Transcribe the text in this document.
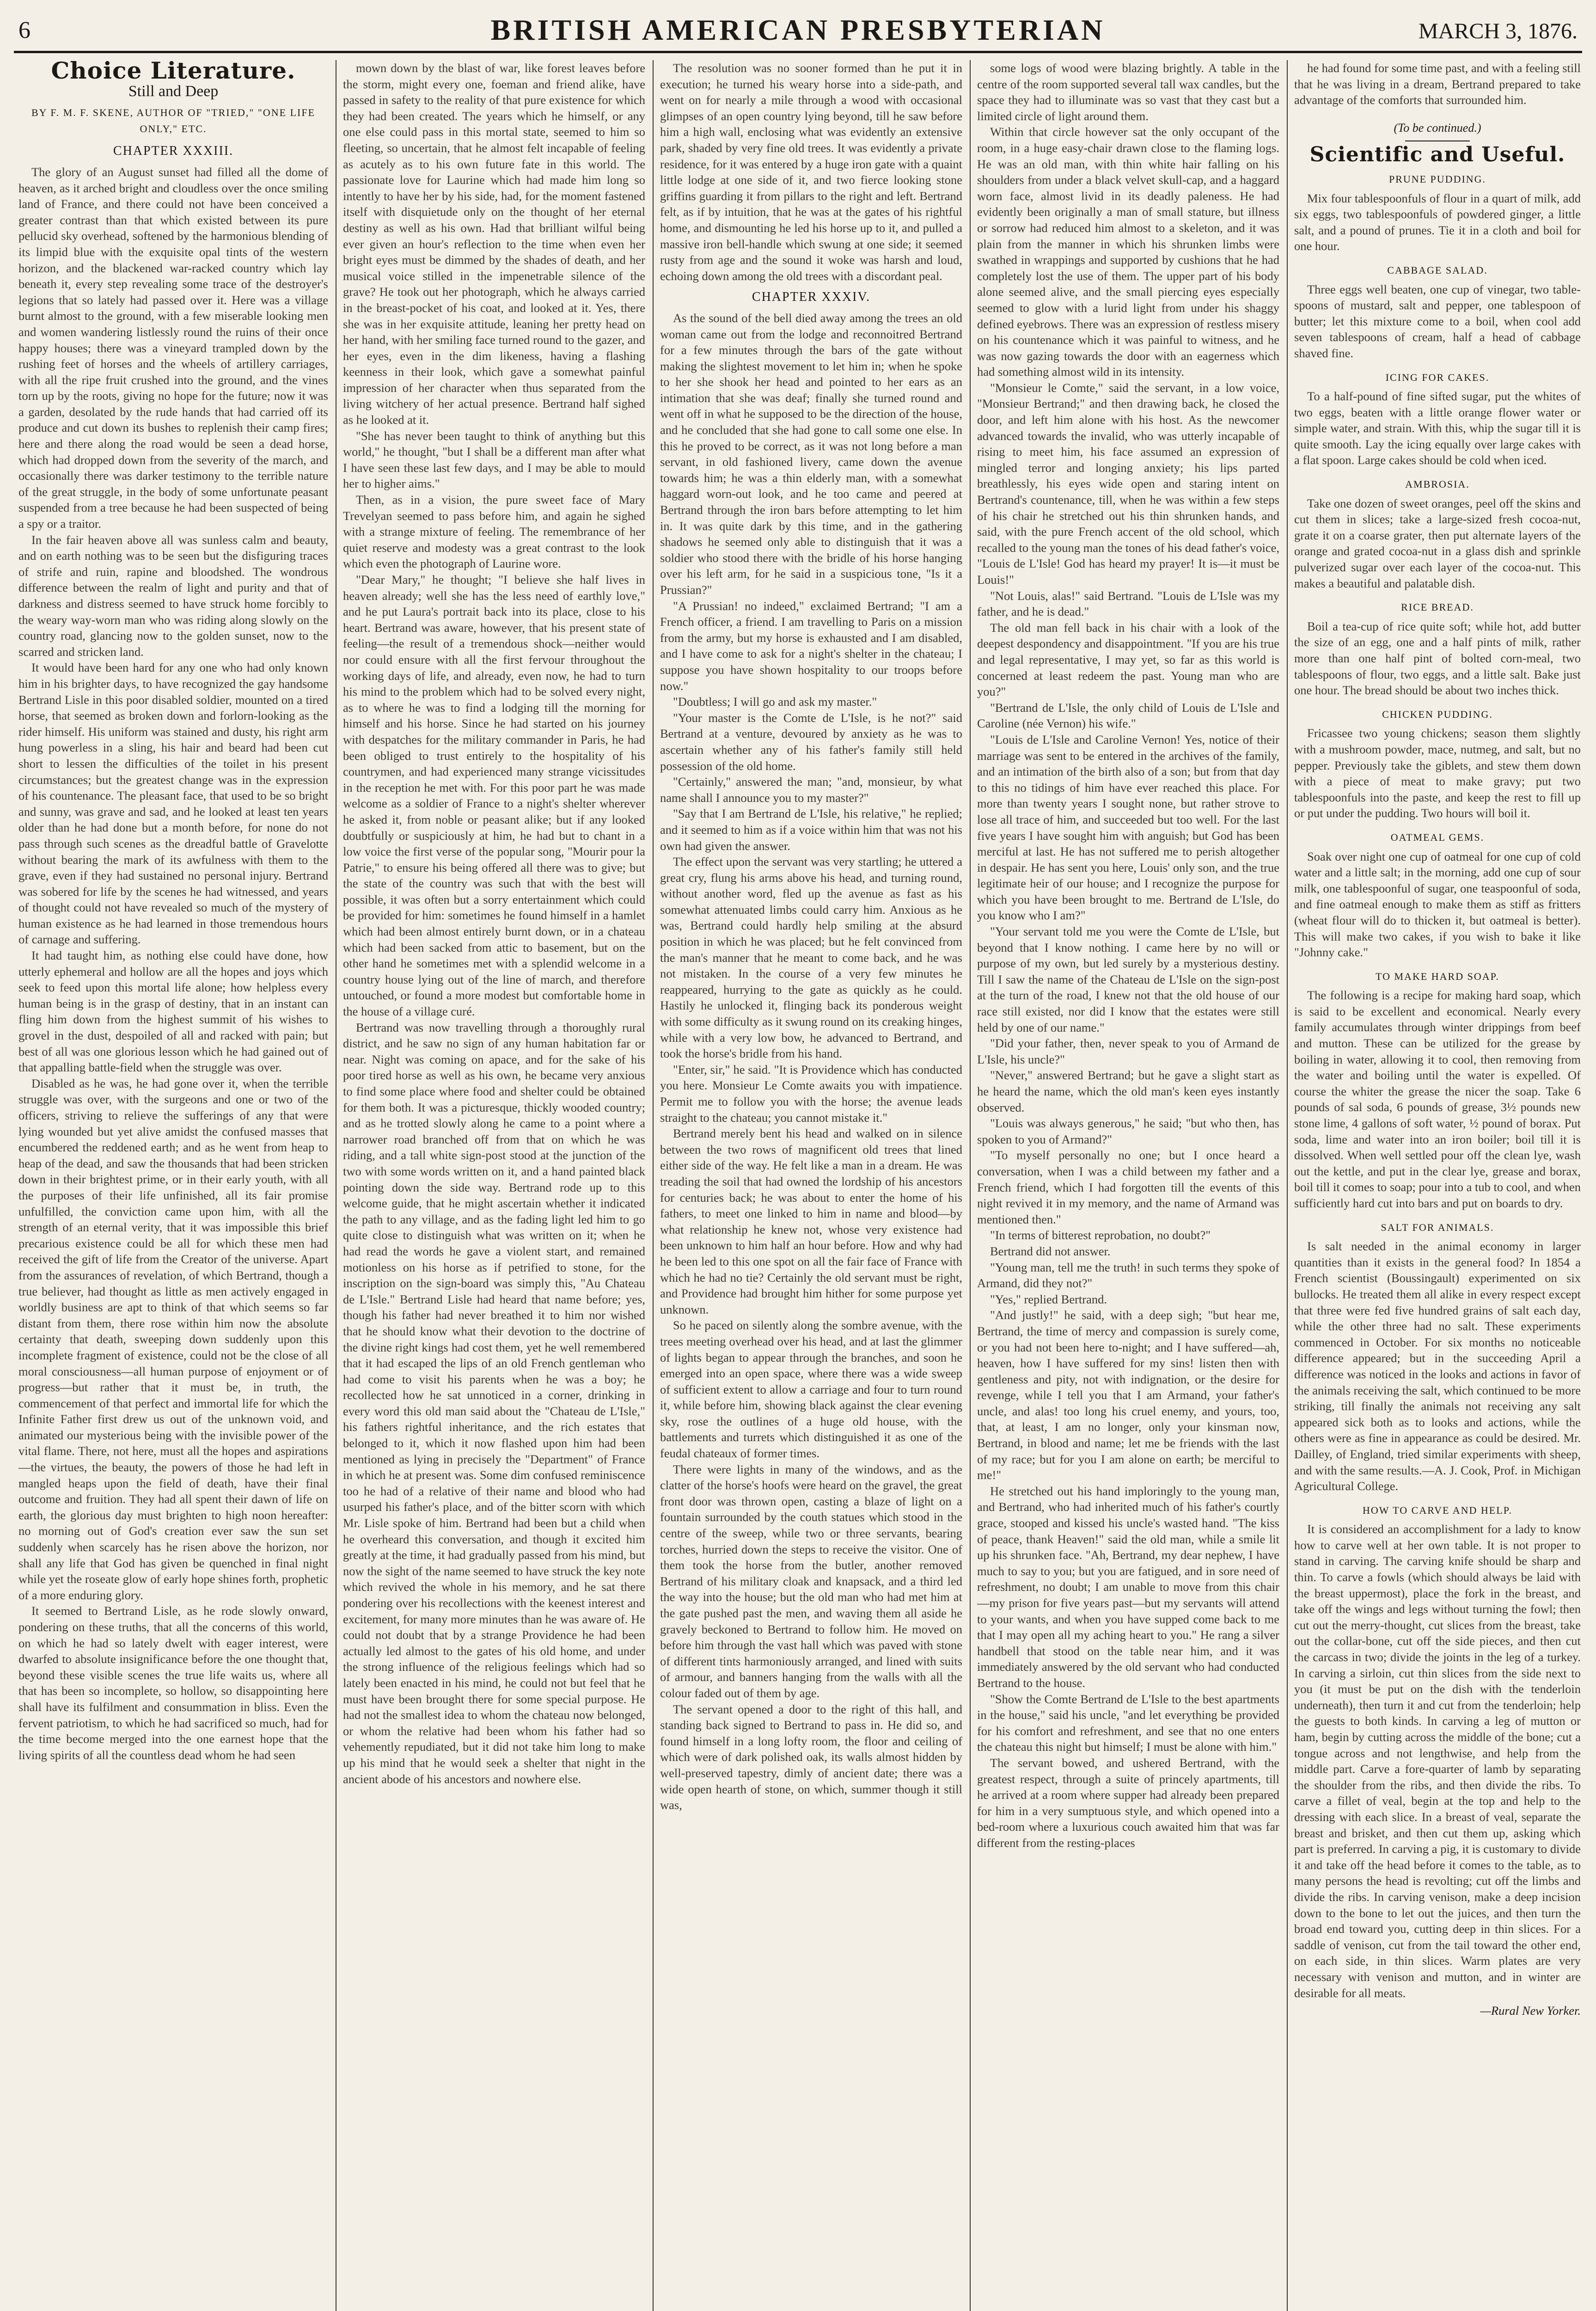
6	BRITISH AMERICAN PRESBYTERIAN	MARCH 3, 1876.
Choice Literature.
Still and Deep
BY F. M. F. SKENE, AUTHOR OF "TRIED," "ONE LIFE ONLY," ETC.
CHAPTER XXXIII.

The glory of an August sunset had filled all the dome of heaven, as it arched bright and cloudless over the once smiling land of France, and there could not have been conceived a greater contrast than that which existed between its pure pellucid sky overhead, softened by the harmonious blending of its limpid blue with the exquisite opal tints of the western horizon, and the blackened war-racked country which lay beneath it, every step revealing some trace of the destroyer's legions that so lately had passed over it. Here was a village burnt almost to the ground, with a few miserable looking men and women wandering listlessly round the ruins of their once happy houses; there was a vineyard trampled down by the rushing feet of horses and the wheels of artillery carriages, with all the ripe fruit crushed into the ground, and the vines torn up by the roots, giving no hope for the future; now it was a garden, desolated by the rude hands that had carried off its produce and cut down its bushes to replenish their camp fires; here and there along the road would be seen a dead horse, which had dropped down from the severity of the march, and occasionally there was darker testimony to the terrible nature of the great struggle, in the body of some unfortunate peasant suspended from a tree because he had been suspected of being a spy or a traitor.

In the fair heaven above all was sunless calm and beauty, and on earth nothing was to be seen but the disfiguring traces of strife and ruin, rapine and bloodshed. The wondrous difference between the realm of light and purity and that of darkness and distress seemed to have struck home forcibly to the weary way-worn man who was riding along slowly on the country road, glancing now to the golden sunset, now to the scarred and stricken land.

It would have been hard for any one who had only known him in his brighter days, to have recognized the gay handsome Bertrand Lisle in this poor disabled soldier, mounted on a tired horse, that seemed as broken down and forlorn-looking as the rider himself. His uniform was stained and dusty, his right arm hung powerless in a sling, his hair and beard had been cut short to lessen the difficulties of the toilet in his present circumstances; but the greatest change was in the expression of his countenance. The pleasant face, that used to be so bright and sunny, was grave and sad, and he looked at least ten years older than he had done but a month before, for none do not pass through such scenes as the dreadful battle of Gravelotte without bearing the mark of its awfulness with them to the grave, even if they had sustained no personal injury. Bertrand was sobered for life by the scenes he had witnessed, and years of thought could not have revealed so much of the mystery of human existence as he had learned in those tremendous hours of carnage and suffering.

It had taught him, as nothing else could have done, how utterly ephemeral and hollow are all the hopes and joys which seek to feed upon this mortal life alone; how helpless every human being is in the grasp of destiny, that in an instant can fling him down from the highest summit of his wishes to grovel in the dust, despoiled of all and racked with pain; but best of all was one glorious lesson which he had gained out of that appalling battle-field when the struggle was over.

Disabled as he was, he had gone over it, when the terrible struggle was over, with the surgeons and one or two of the officers, striving to relieve the sufferings of any that were lying wounded but yet alive amidst the confused masses that encumbered the reddened earth; and as he went from heap to heap of the dead, and saw the thousands that had been stricken down in their brightest prime, or in their early youth, with all the purposes of their life unfinished, all its fair promise unfulfilled, the conviction came upon him, with all the strength of an eternal verity, that it was impossible this brief precarious existence could be all for which these men had received the gift of life from the Creator of the universe. Apart from the assurances of revelation, of which Bertrand, though a true believer, had thought as little as men actively engaged in worldly business are apt to think of that which seems so far distant from them, there rose within him now the absolute certainty that death, sweeping down suddenly upon this incomplete fragment of existence, could not be the close of all moral consciousness—all human purpose of enjoyment or of progress—but rather that it must be, in truth, the commencement of that perfect and immortal life for which the Infinite Father first drew us out of the unknown void, and animated our mysterious being with the invisible power of the vital flame. There, not here, must all the hopes and aspirations—the virtues, the beauty, the powers of those he had left in mangled heaps upon the field of death, have their final outcome and fruition. They had all spent their dawn of life on earth, the glorious day must brighten to high noon hereafter: no morning out of God's creation ever saw the sun set suddenly when scarcely has he risen above the horizon, nor shall any life that God has given be quenched in final night while yet the roseate glow of early hope shines forth, prophetic of a more enduring glory.

It seemed to Bertrand Lisle, as he rode slowly onward, pondering on these truths, that all the concerns of this world, on which he had so lately dwelt with eager interest, were dwarfed to absolute insignificance before the one thought that, beyond these visible scenes the true life waits us, where all that has been so incomplete, so hollow, so disappointing here shall have its fulfilment and consummation in bliss. Even the fervent patriotism, to which he had sacrificed so much, had for the time become merged into the one earnest hope that the living spirits of all the countless dead whom he had seen

mown down by the blast of war, like forest leaves before the storm, might every one, foeman and friend alike, have passed in safety to the reality of that pure existence for which they had been created. The years which he himself, or any one else could pass in this mortal state, seemed to him so fleeting, so uncertain, that he almost felt incapable of feeling as acutely as to his own future fate in this world. The passionate love for Laurine which had made him long so intently to have her by his side, had, for the moment fastened itself with disquietude only on the thought of her eternal destiny as well as his own. Had that brilliant wilful being ever given an hour's reflection to the time when even her bright eyes must be dimmed by the shades of death, and her musical voice stilled in the impenetrable silence of the grave? He took out her photograph, which he always carried in the breast-pocket of his coat, and looked at it. Yes, there she was in her exquisite attitude, leaning her pretty head on her hand, with her smiling face turned round to the gazer, and her eyes, even in the dim likeness, having a flashing keenness in their look, which gave a somewhat painful impression of her character when thus separated from the living witchery of her actual presence. Bertrand half sighed as he looked at it.

"She has never been taught to think of anything but this world," he thought, "but I shall be a different man after what I have seen these last few days, and I may be able to mould her to higher aims."

Then, as in a vision, the pure sweet face of Mary Trevelyan seemed to pass before him, and again he sighed with a strange mixture of feeling. The remembrance of her quiet reserve and modesty was a great contrast to the look which even the photograph of Laurine wore.

"Dear Mary," he thought; "I believe she half lives in heaven already; well she has the less need of earthly love," and he put Laura's portrait back into its place, close to his heart. Bertrand was aware, however, that his present state of feeling—the result of a tremendous shock—neither would nor could ensure with all the first fervour throughout the working days of life, and already, even now, he had to turn his mind to the problem which had to be solved every night, as to where he was to find a lodging till the morning for himself and his horse. Since he had started on his journey with despatches for the military commander in Paris, he had been obliged to trust entirely to the hospitality of his countrymen, and had experienced many strange vicissitudes in the reception he met with. For this poor part he was made welcome as a soldier of France to a night's shelter wherever he asked it, from noble or peasant alike; but if any looked doubtfully or suspiciously at him, he had but to chant in a low voice the first verse of the popular song, "Mourir pour la Patrie," to ensure his being offered all there was to give; but the state of the country was such that with the best will possible, it was often but a sorry entertainment which could be provided for him: sometimes he found himself in a hamlet which had been almost entirely burnt down, or in a chateau which had been sacked from attic to basement, but on the other hand he sometimes met with a splendid welcome in a country house lying out of the line of march, and therefore untouched, or found a more modest but comfortable home in the house of a village curé.

Bertrand was now travelling through a thoroughly rural district, and he saw no sign of any human habitation far or near. Night was coming on apace, and for the sake of his poor tired horse as well as his own, he became very anxious to find some place where food and shelter could be obtained for them both. It was a picturesque, thickly wooded country; and as he trotted slowly along he came to a point where a narrower road branched off from that on which he was riding, and a tall white sign-post stood at the junction of the two with some words written on it, and a hand painted black pointing down the side way. Bertrand rode up to this welcome guide, that he might ascertain whether it indicated the path to any village, and as the fading light led him to go quite close to distinguish what was written on it; when he had read the words he gave a violent start, and remained motionless on his horse as if petrified to stone, for the inscription on the sign-board was simply this, "Au Chateau de L'Isle." Bertrand Lisle had heard that name before; yes, though his father had never breathed it to him nor wished that he should know what their devotion to the doctrine of the divine right kings had cost them, yet he well remembered that it had escaped the lips of an old French gentleman who had come to visit his parents when he was a boy; he recollected how he sat unnoticed in a corner, drinking in every word this old man said about the "Chateau de L'Isle," his fathers rightful inheritance, and the rich estates that belonged to it, which it now flashed upon him had been mentioned as lying in precisely the "Department" of France in which he at present was. Some dim confused reminiscence too he had of a relative of their name and blood who had usurped his father's place, and of the bitter scorn with which Mr. Lisle spoke of him. Bertrand had been but a child when he overheard this conversation, and though it excited him greatly at the time, it had gradually passed from his mind, but now the sight of the name seemed to have struck the key note which revived the whole in his memory, and he sat there pondering over his recollections with the keenest interest and excitement, for many more minutes than he was aware of. He could not doubt that by a strange Providence he had been actually led almost to the gates of his old home, and under the strong influence of the religious feelings which had so lately been enacted in his mind, he could not but feel that he must have been brought there for some special purpose. He had not the smallest idea to whom the chateau now belonged, or whom the relative had been whom his father had so vehemently repudiated, but it did not take him long to make up his mind that he would seek a shelter that night in the ancient abode of his ancestors and nowhere else.

The resolution was no sooner formed than he put it in execution; he turned his weary horse into a side-path, and went on for nearly a mile through a wood with occasional glimpses of an open country lying beyond, till he saw before him a high wall, enclosing what was evidently an extensive park, shaded by very fine old trees. It was evidently a private residence, for it was entered by a huge iron gate with a quaint little lodge at one side of it, and two fierce looking stone griffins guarding it from pillars to the right and left. Bertrand felt, as if by intuition, that he was at the gates of his rightful home, and dismounting he led his horse up to it, and pulled a massive iron bell-handle which swung at one side; it seemed rusty from age and the sound it woke was harsh and loud, echoing down among the old trees with a discordant peal.

CHAPTER XXXIV.

As the sound of the bell died away among the trees an old woman came out from the lodge and reconnoitred Bertrand for a few minutes through the bars of the gate without making the slightest movement to let him in; when he spoke to her she shook her head and pointed to her ears as an intimation that she was deaf; finally she turned round and went off in what he supposed to be the direction of the house, and he concluded that she had gone to call some one else. In this he proved to be correct, as it was not long before a man servant, in old fashioned livery, came down the avenue towards him; he was a thin elderly man, with a somewhat haggard worn-out look, and he too came and peered at Bertrand through the iron bars before attempting to let him in. It was quite dark by this time, and in the gathering shadows he seemed only able to distinguish that it was a soldier who stood there with the bridle of his horse hanging over his left arm, for he said in a suspicious tone, "Is it a Prussian?"

"A Prussian! no indeed," exclaimed Bertrand; "I am a French officer, a friend. I am travelling to Paris on a mission from the army, but my horse is exhausted and I am disabled, and I have come to ask for a night's shelter in the chateau; I suppose you have shown hospitality to our troops before now."

"Doubtless; I will go and ask my master."

"Your master is the Comte de L'Isle, is he not?" said Bertrand at a venture, devoured by anxiety as he was to ascertain whether any of his father's family still held possession of the old home.

"Certainly," answered the man; "and, monsieur, by what name shall I announce you to my master?"

"Say that I am Bertrand de L'Isle, his relative," he replied; and it seemed to him as if a voice within him that was not his own had given the answer.

The effect upon the servant was very startling; he uttered a great cry, flung his arms above his head, and turning round, without another word, fled up the avenue as fast as his somewhat attenuated limbs could carry him. Anxious as he was, Bertrand could hardly help smiling at the absurd position in which he was placed; but he felt convinced from the man's manner that he meant to come back, and he was not mistaken. In the course of a very few minutes he reappeared, hurrying to the gate as quickly as he could. Hastily he unlocked it, flinging back its ponderous weight with some difficulty as it swung round on its creaking hinges, while with a very low bow, he advanced to Bertrand, and took the horse's bridle from his hand.

"Enter, sir," he said. "It is Providence which has conducted you here. Monsieur Le Comte awaits you with impatience. Permit me to follow you with the horse; the avenue leads straight to the chateau; you cannot mistake it."

Bertrand merely bent his head and walked on in silence between the two rows of magnificent old trees that lined either side of the way. He felt like a man in a dream. He was treading the soil that had owned the lordship of his ancestors for centuries back; he was about to enter the home of his fathers, to meet one linked to him in name and blood—by what relationship he knew not, whose very existence had been unknown to him half an hour before. How and why had he been led to this one spot on all the fair face of France with which he had no tie? Certainly the old servant must be right, and Providence had brought him hither for some purpose yet unknown.

So he paced on silently along the sombre avenue, with the trees meeting overhead over his head, and at last the glimmer of lights began to appear through the branches, and soon he emerged into an open space, where there was a wide sweep of sufficient extent to allow a carriage and four to turn round it, while before him, showing black against the clear evening sky, rose the outlines of a huge old house, with the battlements and turrets which distinguished it as one of the feudal chateaux of former times.

There were lights in many of the windows, and as the clatter of the horse's hoofs were heard on the gravel, the great front door was thrown open, casting a blaze of light on a fountain surrounded by the couth statues which stood in the centre of the sweep, while two or three servants, bearing torches, hurried down the steps to receive the visitor. One of them took the horse from the butler, another removed Bertrand of his military cloak and knapsack, and a third led the way into the house; but the old man who had met him at the gate pushed past the men, and waving them all aside he gravely beckoned to Bertrand to follow him. He moved on before him through the vast hall which was paved with stone of different tints harmoniously arranged, and lined with suits of armour, and banners hanging from the walls with all the colour faded out of them by age.

The servant opened a door to the right of this hall, and standing back signed to Bertrand to pass in. He did so, and found himself in a long lofty room, the floor and ceiling of which were of dark polished oak, its walls almost hidden by well-preserved tapestry, dimly of ancient date; there was a wide open hearth of stone, on which, summer though it still was,

some logs of wood were blazing brightly. A table in the centre of the room supported several tall wax candles, but the space they had to illuminate was so vast that they cast but a limited circle of light around them.

Within that circle however sat the only occupant of the room, in a huge easy-chair drawn close to the flaming logs. He was an old man, with thin white hair falling on his shoulders from under a black velvet skull-cap, and a haggard worn face, almost livid in its deadly paleness. He had evidently been originally a man of small stature, but illness or sorrow had reduced him almost to a skeleton, and it was plain from the manner in which his shrunken limbs were swathed in wrappings and supported by cushions that he had completely lost the use of them. The upper part of his body alone seemed alive, and the small piercing eyes especially seemed to glow with a lurid light from under his shaggy defined eyebrows. There was an expression of restless misery on his countenance which it was painful to witness, and he was now gazing towards the door with an eagerness which had something almost wild in its intensity.

"Monsieur le Comte," said the servant, in a low voice, "Monsieur Bertrand;" and then drawing back, he closed the door, and left him alone with his host. As the newcomer advanced towards the invalid, who was utterly incapable of rising to meet him, his face assumed an expression of mingled terror and longing anxiety; his lips parted breathlessly, his eyes wide open and staring intent on Bertrand's countenance, till, when he was within a few steps of his chair he stretched out his thin shrunken hands, and said, with the pure French accent of the old school, which recalled to the young man the tones of his dead father's voice, "Louis de L'Isle! God has heard my prayer! It is—it must be Louis!"

"Not Louis, alas!" said Bertrand. "Louis de L'Isle was my father, and he is dead."

The old man fell back in his chair with a look of the deepest despondency and disappointment. "If you are his true and legal representative, I may yet, so far as this world is concerned at least redeem the past. Young man who are you?"

"Bertrand de L'Isle, the only child of Louis de L'Isle and Caroline (née Vernon) his wife."

"Louis de L'Isle and Caroline Vernon! Yes, notice of their marriage was sent to be entered in the archives of the family, and an intimation of the birth also of a son; but from that day to this no tidings of him have ever reached this place. For more than twenty years I sought none, but rather strove to lose all trace of him, and succeeded but too well. For the last five years I have sought him with anguish; but God has been merciful at last. He has not suffered me to perish altogether in despair. He has sent you here, Louis' only son, and the true legitimate heir of our house; and I recognize the purpose for which you have been brought to me. Bertrand de L'Isle, do you know who I am?"

"Your servant told me you were the Comte de L'Isle, but beyond that I know nothing. I came here by no will or purpose of my own, but led surely by a mysterious destiny. Till I saw the name of the Chateau de L'Isle on the sign-post at the turn of the road, I knew not that the old house of our race still existed, nor did I know that the estates were still held by one of our name."

"Did your father, then, never speak to you of Armand de L'Isle, his uncle?"

"Never," answered Bertrand; but he gave a slight start as he heard the name, which the old man's keen eyes instantly observed.

"Louis was always generous," he said; "but who then, has spoken to you of Armand?"

"To myself personally no one; but I once heard a conversation, when I was a child between my father and a French friend, which I had forgotten till the events of this night revived it in my memory, and the name of Armand was mentioned then."

"In terms of bitterest reprobation, no doubt?"

Bertrand did not answer.

"Young man, tell me the truth! in such terms they spoke of Armand, did they not?"

"Yes," replied Bertrand.

"And justly!" he said, with a deep sigh; "but hear me, Bertrand, the time of mercy and compassion is surely come, or you had not been here to-night; and I have suffered—ah, heaven, how I have suffered for my sins! listen then with gentleness and pity, not with indignation, or the desire for revenge, while I tell you that I am Armand, your father's uncle, and alas! too long his cruel enemy, and yours, too, that, at least, I am no longer, only your kinsman now, Bertrand, in blood and name; let me be friends with the last of my race; but for you I am alone on earth; be merciful to me!"

He stretched out his hand imploringly to the young man, and Bertrand, who had inherited much of his father's courtly grace, stooped and kissed his uncle's wasted hand. "The kiss of peace, thank Heaven!" said the old man, while a smile lit up his shrunken face. "Ah, Bertrand, my dear nephew, I have much to say to you; but you are fatigued, and in sore need of refreshment, no doubt; I am unable to move from this chair—my prison for five years past—but my servants will attend to your wants, and when you have supped come back to me that I may open all my aching heart to you." He rang a silver handbell that stood on the table near him, and it was immediately answered by the old servant who had conducted Bertrand to the house.

"Show the Comte Bertrand de L'Isle to the best apartments in the house," said his uncle, "and let everything be provided for his comfort and refreshment, and see that no one enters the chateau this night but himself; I must be alone with him."

The servant bowed, and ushered Bertrand, with the greatest respect, through a suite of princely apartments, till he arrived at a room where supper had already been prepared for him in a very sumptuous style, and which opened into a bed-room where a luxurious couch awaited him that was far different from the resting-places

he had found for some time past, and with a feeling still that he was living in a dream, Bertrand prepared to take advantage of the comforts that surrounded him.

(To be continued.)
Scientific and Useful.
PRUNE PUDDING.

Mix four tablespoonfuls of flour in a quart of milk, add six eggs, two tablespoonfuls of powdered ginger, a little salt, and a pound of prunes. Tie it in a cloth and boil for one hour.

CABBAGE SALAD.

Three eggs well beaten, one cup of vinegar, two table-spoons of mustard, salt and pepper, one tablespoon of butter; let this mixture come to a boil, when cool add seven tablespoons of cream, half a head of cabbage shaved fine.

ICING FOR CAKES.

To a half-pound of fine sifted sugar, put the whites of two eggs, beaten with a little orange flower water or simple water, and strain. With this, whip the sugar till it is quite smooth. Lay the icing equally over large cakes with a flat spoon. Large cakes should be cold when iced.

AMBROSIA.

Take one dozen of sweet oranges, peel off the skins and cut them in slices; take a large-sized fresh cocoa-nut, grate it on a coarse grater, then put alternate layers of the orange and grated cocoa-nut in a glass dish and sprinkle pulverized sugar over each layer of the cocoa-nut. This makes a beautiful and palatable dish.

RICE BREAD.

Boil a tea-cup of rice quite soft; while hot, add butter the size of an egg, one and a half pints of milk, rather more than one half pint of bolted corn-meal, two tablespoons of flour, two eggs, and a little salt. Bake just one hour. The bread should be about two inches thick.

CHICKEN PUDDING.

Fricassee two young chickens; season them slightly with a mushroom powder, mace, nutmeg, and salt, but no pepper. Previously take the giblets, and stew them down with a piece of meat to make gravy; put two tablespoonfuls into the paste, and keep the rest to fill up or put under the pudding. Two hours will boil it.

OATMEAL GEMS.

Soak over night one cup of oatmeal for one cup of cold water and a little salt; in the morning, add one cup of sour milk, one tablespoonful of sugar, one teaspoonful of soda, and fine oatmeal enough to make them as stiff as fritters (wheat flour will do to thicken it, but oatmeal is better). This will make two cakes, if you wish to bake it like "Johnny cake."

TO MAKE HARD SOAP.

The following is a recipe for making hard soap, which is said to be excellent and economical. Nearly every family accumulates through winter drippings from beef and mutton. These can be utilized for the grease by boiling in water, allowing it to cool, then removing from the water and boiling until the water is expelled. Of course the whiter the grease the nicer the soap. Take 6 pounds of sal soda, 6 pounds of grease, 3½ pounds new stone lime, 4 gallons of soft water, ½ pound of borax. Put soda, lime and water into an iron boiler; boil till it is dissolved. When well settled pour off the clean lye, wash out the kettle, and put in the clear lye, grease and borax, boil till it comes to soap; pour into a tub to cool, and when sufficiently hard cut into bars and put on boards to dry.

SALT FOR ANIMALS.

Is salt needed in the animal economy in larger quantities than it exists in the general food? In 1854 a French scientist (Boussingault) experimented on six bullocks. He treated them all alike in every respect except that three were fed five hundred grains of salt each day, while the other three had no salt. These experiments commenced in October. For six months no noticeable difference appeared; but in the succeeding April a difference was noticed in the looks and actions in favor of the animals receiving the salt, which continued to be more striking, till finally the animals not receiving any salt appeared sick both as to looks and actions, while the others were as fine in appearance as could be desired. Mr. Dailley, of England, tried similar experiments with sheep, and with the same results.—A. J. Cook, Prof. in Michigan Agricultural College.

HOW TO CARVE AND HELP.

It is considered an accomplishment for a lady to know how to carve well at her own table. It is not proper to stand in carving. The carving knife should be sharp and thin. To carve a fowls (which should always be laid with the breast uppermost), place the fork in the breast, and take off the wings and legs without turning the fowl; then cut out the merry-thought, cut slices from the breast, take out the collar-bone, cut off the side pieces, and then cut the carcass in two; divide the joints in the leg of a turkey. In carving a sirloin, cut thin slices from the side next to you (it must be put on the dish with the tenderloin underneath), then turn it and cut from the tenderloin; help the guests to both kinds. In carving a leg of mutton or ham, begin by cutting across the middle of the bone; cut a tongue across and not lengthwise, and help from the middle part. Carve a fore-quarter of lamb by separating the shoulder from the ribs, and then divide the ribs. To carve a fillet of veal, begin at the top and help to the dressing with each slice. In a breast of veal, separate the breast and brisket, and then cut them up, asking which part is preferred. In carving a pig, it is customary to divide it and take off the head before it comes to the table, as to many persons the head is revolting; cut off the limbs and divide the ribs. In carving venison, make a deep incision down to the bone to let out the juices, and then turn the broad end toward you, cutting deep in thin slices. For a saddle of venison, cut from the tail toward the other end, on each side, in thin slices. Warm plates are very necessary with venison and mutton, and in winter are desirable for all meats.

—Rural New Yorker.
